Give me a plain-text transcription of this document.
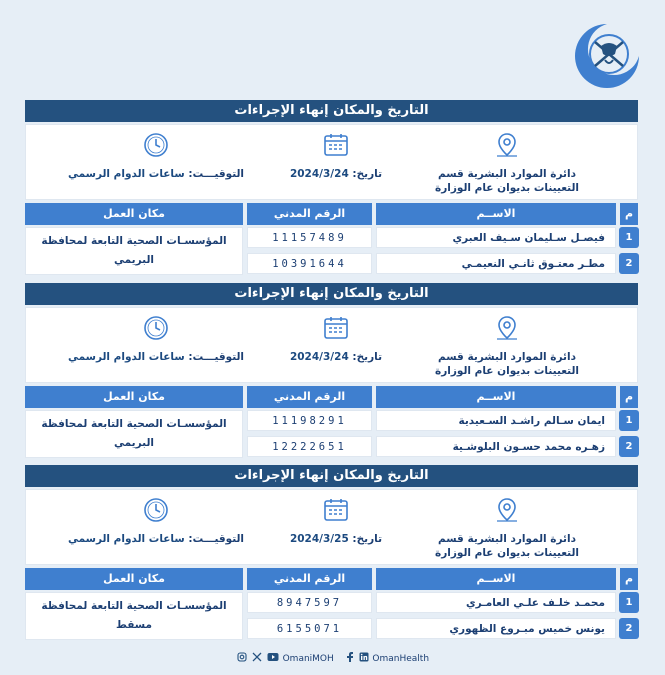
التاريخ والمكان إنهاء الإجراءات
دائرة الموارد البشرية قسم التعيينات بديوان عام الوزارة
تاريخ: 2024/3/24
التوقيـــت: ساعات الدوام الرسمي
مكان العمل	الرقم المدني	الاســم	م
المؤسسـات الصحية التابعة لمحافظة البريمي
11157489	فيصـل سـليمان سـيف العبري	1
10391644	مطـر معتـوق ثانـي النعيمـي	2
التاريخ والمكان إنهاء الإجراءات
دائرة الموارد البشرية قسم التعيينات بديوان عام الوزارة
تاريخ: 2024/3/24
التوقيـــت: ساعات الدوام الرسمي
مكان العمل	الرقم المدني	الاســم	م
المؤسسـات الصحية التابعة لمحافظة البريمي
11198291	ايمان سـالم راشـد السـعيدية	1
12222651	زهـره محمد حسـون البلوشـية	2
التاريخ والمكان إنهاء الإجراءات
دائرة الموارد البشرية قسم التعيينات بديوان عام الوزارة
تاريخ: 2024/3/25
التوقيـــت: ساعات الدوام الرسمي
مكان العمل	الرقم المدني	الاســم	م
المؤسسـات الصحية التابعة لمحافظة مسقط
8947597	محمـد خلـف علـي العامـري	1
6155071	يونس خميس مبـروع الظهوري	2
OmaniMOH	OmanHealth
